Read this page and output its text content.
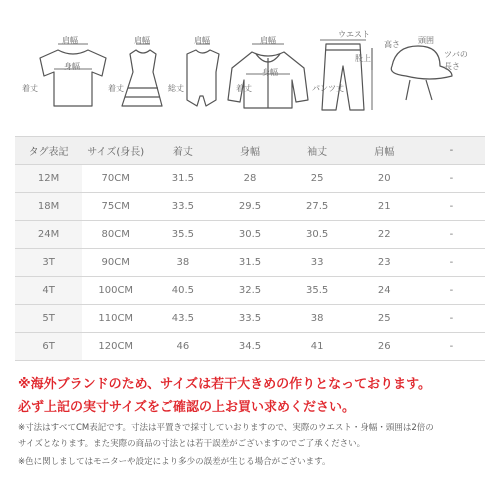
肩幅
身幅
着丈
肩幅
着丈
肩幅
総丈
肩幅
身幅
着丈
ウエスト
股上
パンツ丈
高さ 頭囲
ツバの
長さ
タグ表記	サイズ(身長)	着丈	身幅	袖丈	肩幅	-
12M	70CM	31.5	28	25	20	-
18M	75CM	33.5	29.5	27.5	21	-
24M	80CM	35.5	30.5	30.5	22	-
3T	90CM	38	31.5	33	23	-
4T	100CM	40.5	32.5	35.5	24	-
5T	110CM	43.5	33.5	38	25	-
6T	120CM	46	34.5	41	26	-
※海外ブランドのため、サイズは若干大きめの作りとなっております。
必ず上記の実寸サイズをご確認の上お買い求めください。
※寸法はすべてCM表記です。寸法は平置きで採寸していおりますので、実際のウエスト・身幅・頭囲は2倍の
サイズとなります。また実際の商品の寸法とは若干誤差がございますのでご了承ください。
※色に関しましてはモニターや設定により多少の誤差が生じる場合がございます。
